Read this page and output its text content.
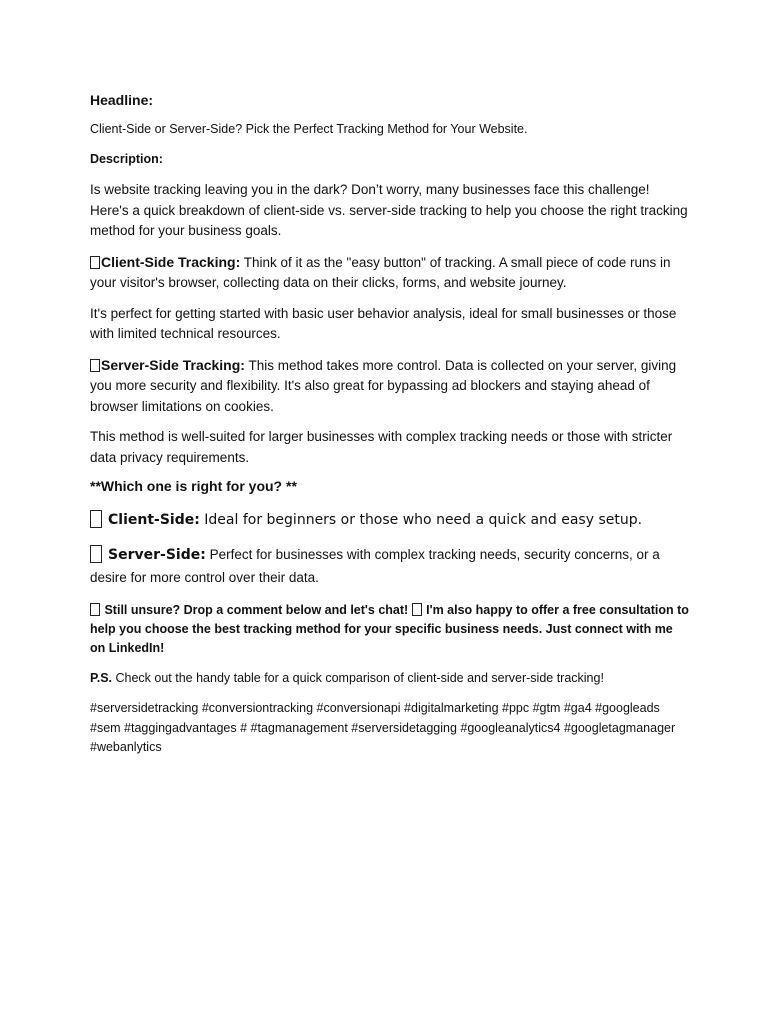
Headline:

Client-Side or Server-Side? Pick the Perfect Tracking Method for Your Website.

Description:

Is website tracking leaving you in the dark? Don’t worry, many businesses face this challenge! Here's a quick breakdown of client-side vs. server-side tracking to help you choose the right tracking method for your business goals.

Client-Side Tracking: Think of it as the "easy button" of tracking. A small piece of code runs in your visitor's browser, collecting data on their clicks, forms, and website journey.

It's perfect for getting started with basic user behavior analysis, ideal for small businesses or those with limited technical resources.

Server-Side Tracking: This method takes more control. Data is collected on your server, giving you more security and flexibility. It's also great for bypassing ad blockers and staying ahead of browser limitations on cookies.

This method is well-suited for larger businesses with complex tracking needs or those with stricter data privacy requirements.

**Which one is right for you? **

Client-Side: Ideal for beginners or those who need a quick and easy setup.

Server-Side: Perfect for businesses with complex tracking needs, security concerns, or a desire for more control over their data.

Still unsure? Drop a comment below and let's chat!  I'm also happy to offer a free consultation to help you choose the best tracking method for your specific business needs. Just connect with me on LinkedIn!

P.S. Check out the handy table for a quick comparison of client-side and server-side tracking!

#serversidetracking #conversiontracking #conversionapi #digitalmarketing #ppc #gtm #ga4 #googleads #sem #taggingadvantages # #tagmanagement #serversidetagging #googleanalytics4 #googletagmanager #webanlytics
